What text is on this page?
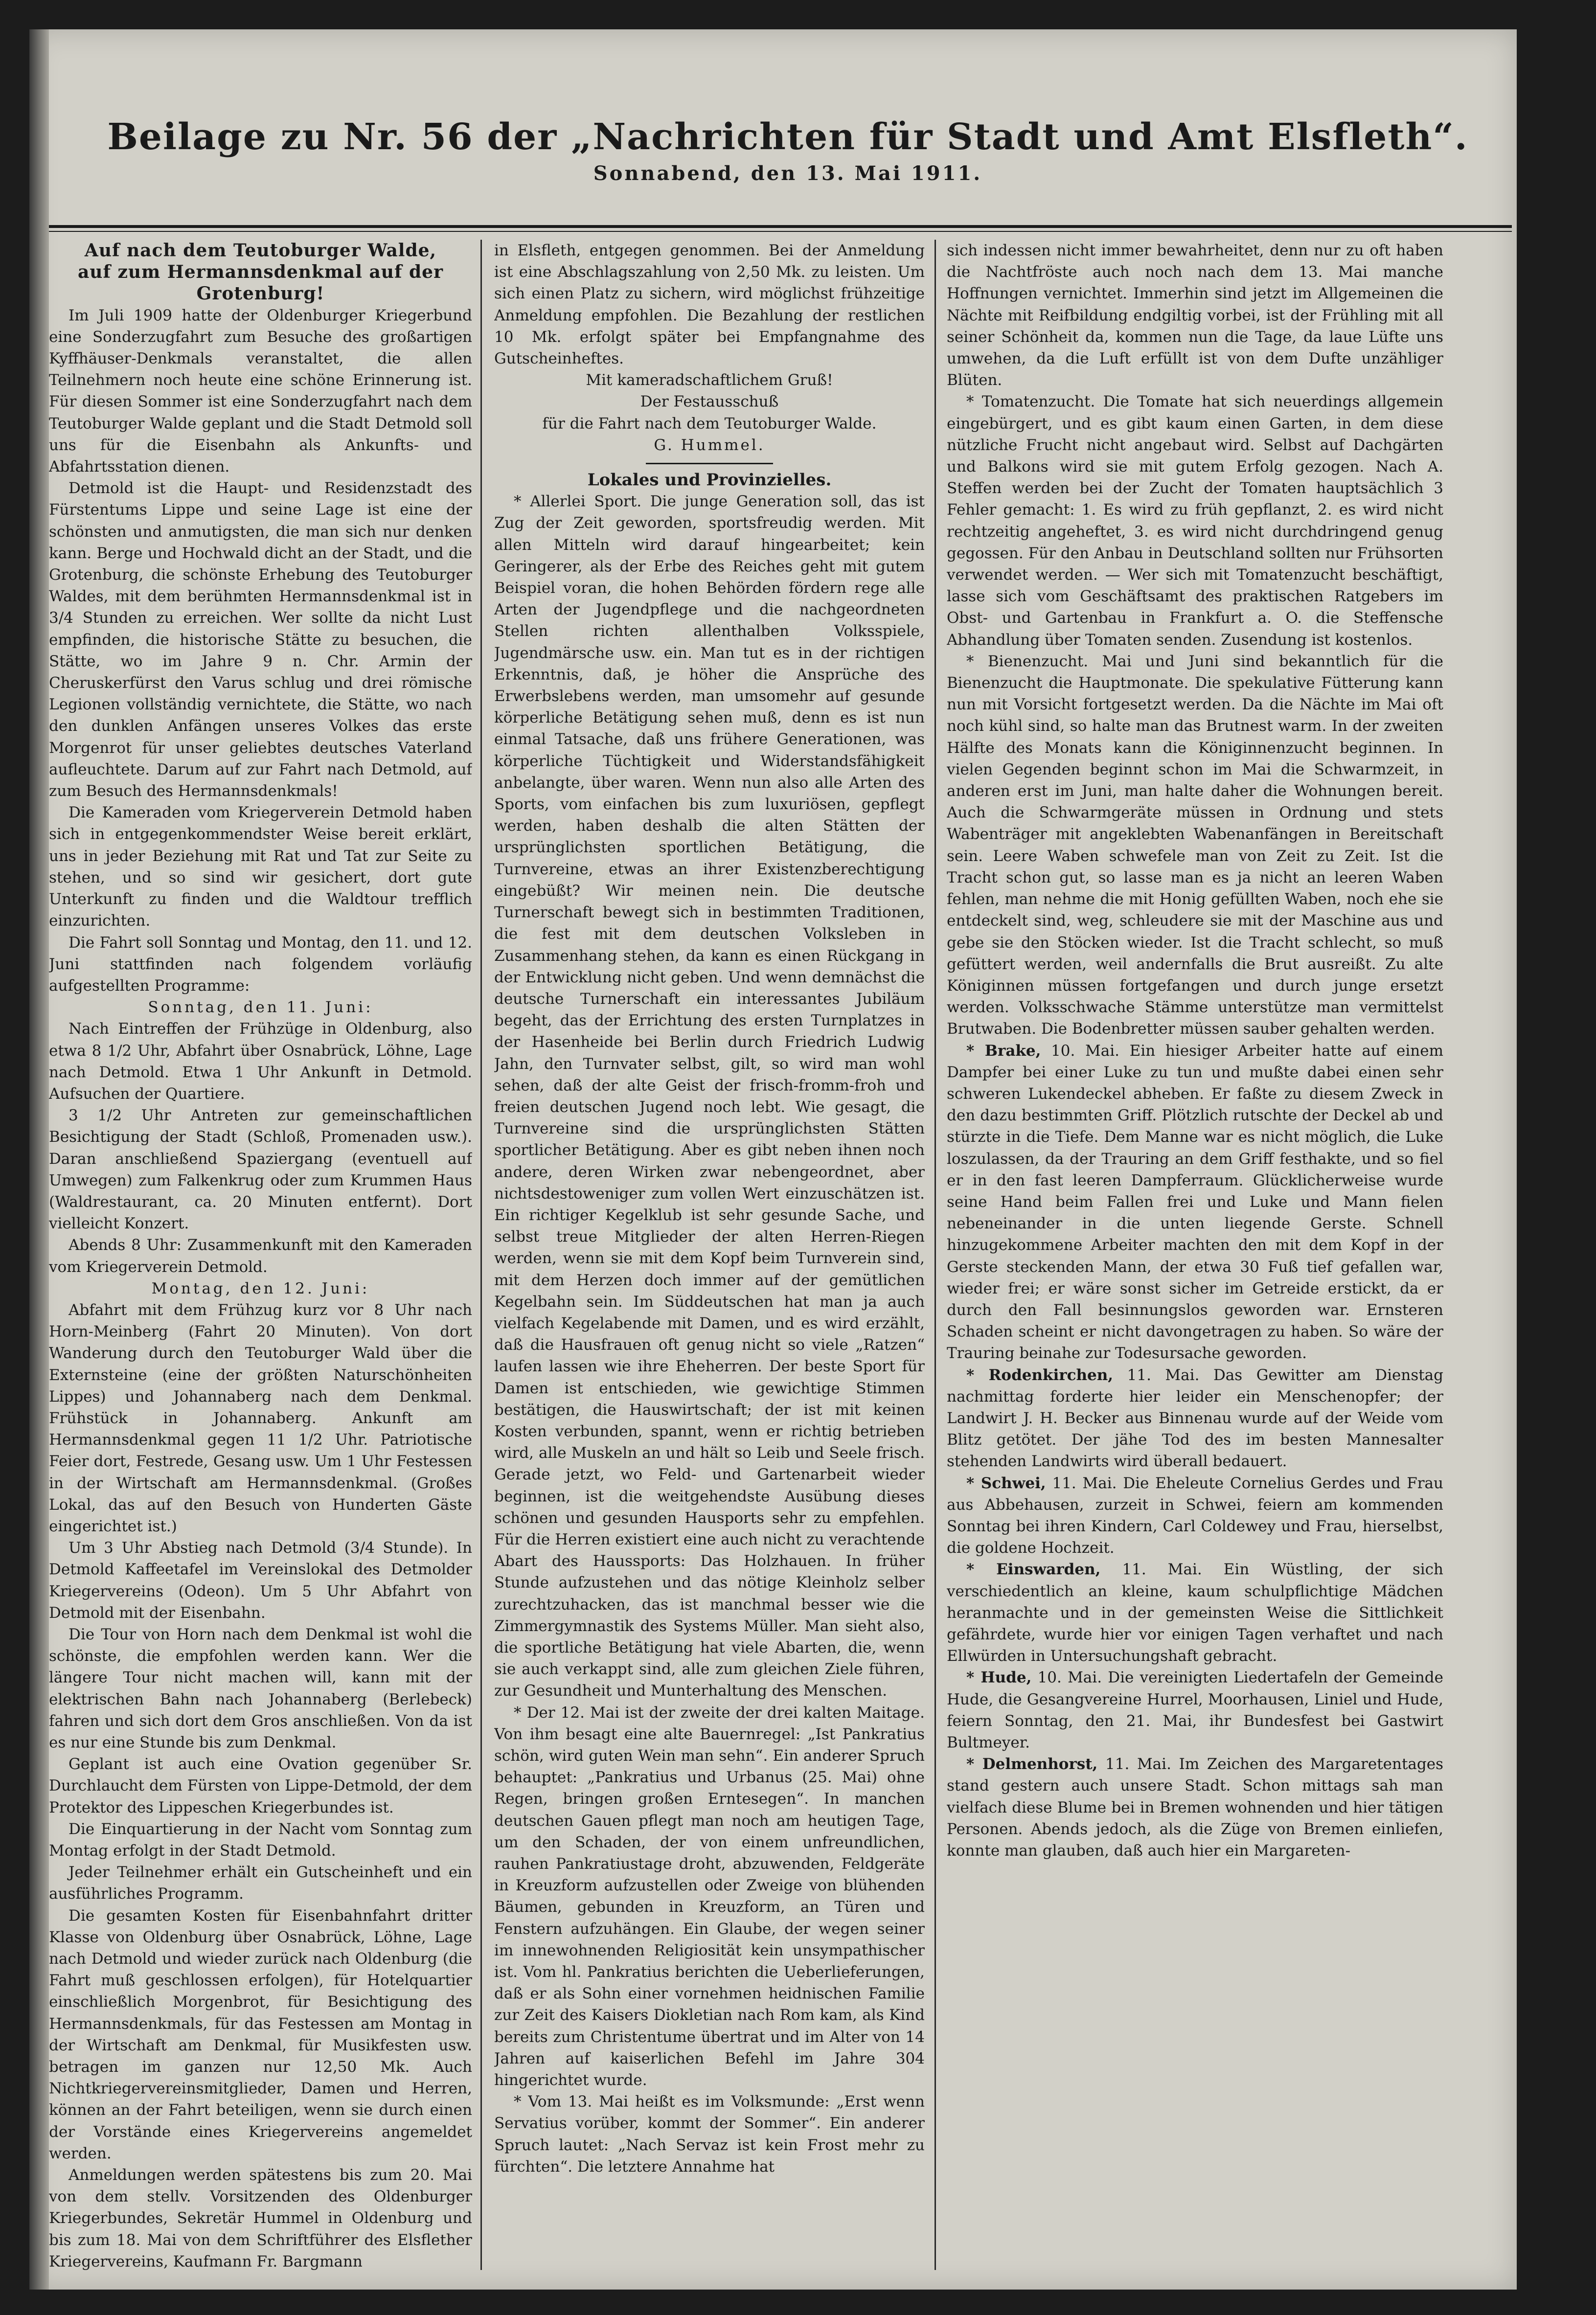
Beilage zu Nr. 56 der „Nachrichten für Stadt und Amt Elsfleth“.
Sonnabend, den 13. Mai 1911.

Auf nach dem Teutoburger Walde,

auf zum Hermannsdenkmal auf der Grotenburg!

Im Juli 1909 hatte der Oldenburger Kriegerbund eine Sonderzugfahrt zum Besuche des großartigen Kyffhäuser-Denkmals veranstaltet, die allen Teilnehmern noch heute eine schöne Erinnerung ist. Für diesen Sommer ist eine Sonderzugfahrt nach dem Teutoburger Walde geplant und die Stadt Detmold soll uns für die Eisenbahn als Ankunfts- und Abfahrtsstation dienen.

Detmold ist die Haupt- und Residenzstadt des Fürstentums Lippe und seine Lage ist eine der schönsten und anmutigsten, die man sich nur denken kann. Berge und Hochwald dicht an der Stadt, und die Grotenburg, die schönste Erhebung des Teutoburger Waldes, mit dem berühmten Hermannsdenkmal ist in 3/4 Stunden zu erreichen. Wer sollte da nicht Lust empfinden, die historische Stätte zu besuchen, die Stätte, wo im Jahre 9 n. Chr. Armin der Cheruskerfürst den Varus schlug und drei römische Legionen vollständig vernichtete, die Stätte, wo nach den dunklen Anfängen unseres Volkes das erste Morgenrot für unser geliebtes deutsches Vaterland aufleuchtete. Darum auf zur Fahrt nach Detmold, auf zum Besuch des Hermannsdenkmals!

Die Kameraden vom Kriegerverein Detmold haben sich in entgegenkommendster Weise bereit erklärt, uns in jeder Beziehung mit Rat und Tat zur Seite zu stehen, und so sind wir gesichert, dort gute Unterkunft zu finden und die Waldtour trefflich einzurichten.

Die Fahrt soll Sonntag und Montag, den 11. und 12. Juni stattfinden nach folgendem vorläufig aufgestellten Programme:

Sonntag, den 11. Juni:

Nach Eintreffen der Frühzüge in Oldenburg, also etwa 8 1/2 Uhr, Abfahrt über Osnabrück, Löhne, Lage nach Detmold. Etwa 1 Uhr Ankunft in Detmold. Aufsuchen der Quartiere.

3 1/2 Uhr Antreten zur gemeinschaftlichen Besichtigung der Stadt (Schloß, Promenaden usw.). Daran anschließend Spaziergang (eventuell auf Umwegen) zum Falkenkrug oder zum Krummen Haus (Waldrestaurant, ca. 20 Minuten entfernt). Dort vielleicht Konzert.

Abends 8 Uhr: Zusammenkunft mit den Kameraden vom Kriegerverein Detmold.

Montag, den 12. Juni:

Abfahrt mit dem Frühzug kurz vor 8 Uhr nach Horn-Meinberg (Fahrt 20 Minuten). Von dort Wanderung durch den Teutoburger Wald über die Externsteine (eine der größten Naturschönheiten Lippes) und Johannaberg nach dem Denkmal. Frühstück in Johannaberg. Ankunft am Hermannsdenkmal gegen 11 1/2 Uhr. Patriotische Feier dort, Festrede, Gesang usw. Um 1 Uhr Festessen in der Wirtschaft am Hermannsdenkmal. (Großes Lokal, das auf den Besuch von Hunderten Gäste eingerichtet ist.)

Um 3 Uhr Abstieg nach Detmold (3/4 Stunde). In Detmold Kaffeetafel im Vereinslokal des Detmolder Kriegervereins (Odeon). Um 5 Uhr Abfahrt von Detmold mit der Eisenbahn.

Die Tour von Horn nach dem Denkmal ist wohl die schönste, die empfohlen werden kann. Wer die längere Tour nicht machen will, kann mit der elektrischen Bahn nach Johannaberg (Berlebeck) fahren und sich dort dem Gros anschließen. Von da ist es nur eine Stunde bis zum Denkmal.

Geplant ist auch eine Ovation gegenüber Sr. Durchlaucht dem Fürsten von Lippe-Detmold, der dem Protektor des Lippeschen Kriegerbundes ist.

Die Einquartierung in der Nacht vom Sonntag zum Montag erfolgt in der Stadt Detmold.

Jeder Teilnehmer erhält ein Gutscheinheft und ein ausführliches Programm.

Die gesamten Kosten für Eisenbahnfahrt dritter Klasse von Oldenburg über Osnabrück, Löhne, Lage nach Detmold und wieder zurück nach Oldenburg (die Fahrt muß geschlossen erfolgen), für Hotelquartier einschließlich Morgenbrot, für Besichtigung des Hermannsdenkmals, für das Festessen am Montag in der Wirtschaft am Denkmal, für Musikfesten usw. betragen im ganzen nur 12,50 Mk. Auch Nichtkriegervereinsmitglieder, Damen und Herren, können an der Fahrt beteiligen, wenn sie durch einen der Vorstände eines Kriegervereins angemeldet werden.

Anmeldungen werden spätestens bis zum 20. Mai von dem stellv. Vorsitzenden des Oldenburger Kriegerbundes, Sekretär Hummel in Oldenburg und bis zum 18. Mai von dem Schriftführer des Elsflether Kriegervereins, Kaufmann Fr. Bargmann

in Elsfleth, entgegen genommen. Bei der Anmeldung ist eine Abschlagszahlung von 2,50 Mk. zu leisten. Um sich einen Platz zu sichern, wird möglichst frühzeitige Anmeldung empfohlen. Die Bezahlung der restlichen 10 Mk. erfolgt später bei Empfangnahme des Gutscheinheftes.

Mit kameradschaftlichem Gruß!

Der Festausschuß

für die Fahrt nach dem Teutoburger Walde.

G. Hummel.

Lokales und Provinzielles.

* Allerlei Sport. Die junge Generation soll, das ist Zug der Zeit geworden, sportsfreudig werden. Mit allen Mitteln wird darauf hingearbeitet; kein Geringerer, als der Erbe des Reiches geht mit gutem Beispiel voran, die hohen Behörden fördern rege alle Arten der Jugendpflege und die nachgeordneten Stellen richten allenthalben Volksspiele, Jugendmärsche usw. ein. Man tut es in der richtigen Erkenntnis, daß, je höher die Ansprüche des Erwerbslebens werden, man umsomehr auf gesunde körperliche Betätigung sehen muß, denn es ist nun einmal Tatsache, daß uns frühere Generationen, was körperliche Tüchtigkeit und Widerstandsfähigkeit anbelangte, über waren. Wenn nun also alle Arten des Sports, vom einfachen bis zum luxuriösen, gepflegt werden, haben deshalb die alten Stätten der ursprünglichsten sportlichen Betätigung, die Turnvereine, etwas an ihrer Existenzberechtigung eingebüßt? Wir meinen nein. Die deutsche Turnerschaft bewegt sich in bestimmten Traditionen, die fest mit dem deutschen Volksleben in Zusammenhang stehen, da kann es einen Rückgang in der Entwicklung nicht geben. Und wenn demnächst die deutsche Turnerschaft ein interessantes Jubiläum begeht, das der Errichtung des ersten Turnplatzes in der Hasenheide bei Berlin durch Friedrich Ludwig Jahn, den Turnvater selbst, gilt, so wird man wohl sehen, daß der alte Geist der frisch-fromm-froh und freien deutschen Jugend noch lebt. Wie gesagt, die Turnvereine sind die ursprünglichsten Stätten sportlicher Betätigung. Aber es gibt neben ihnen noch andere, deren Wirken zwar nebengeordnet, aber nichtsdestoweniger zum vollen Wert einzuschätzen ist. Ein richtiger Kegelklub ist sehr gesunde Sache, und selbst treue Mitglieder der alten Herren-Riegen werden, wenn sie mit dem Kopf beim Turnverein sind, mit dem Herzen doch immer auf der gemütlichen Kegelbahn sein. Im Süddeutschen hat man ja auch vielfach Kegelabende mit Damen, und es wird erzählt, daß die Hausfrauen oft genug nicht so viele „Ratzen“ laufen lassen wie ihre Eheherren. Der beste Sport für Damen ist entschieden, wie gewichtige Stimmen bestätigen, die Hauswirtschaft; der ist mit keinen Kosten verbunden, spannt, wenn er richtig betrieben wird, alle Muskeln an und hält so Leib und Seele frisch. Gerade jetzt, wo Feld- und Gartenarbeit wieder beginnen, ist die weitgehendste Ausübung dieses schönen und gesunden Hausports sehr zu empfehlen. Für die Herren existiert eine auch nicht zu verachtende Abart des Haussports: Das Holzhauen. In früher Stunde aufzustehen und das nötige Kleinholz selber zurechtzuhacken, das ist manchmal besser wie die Zimmergymnastik des Systems Müller. Man sieht also, die sportliche Betätigung hat viele Abarten, die, wenn sie auch verkappt sind, alle zum gleichen Ziele führen, zur Gesundheit und Munterhaltung des Menschen.

* Der 12. Mai ist der zweite der drei kalten Maitage. Von ihm besagt eine alte Bauernregel: „Ist Pankratius schön, wird guten Wein man sehn“. Ein anderer Spruch behauptet: „Pankratius und Urbanus (25. Mai) ohne Regen, bringen großen Erntesegen“. In manchen deutschen Gauen pflegt man noch am heutigen Tage, um den Schaden, der von einem unfreundlichen, rauhen Pankratiustage droht, abzuwenden, Feldgeräte in Kreuzform aufzustellen oder Zweige von blühenden Bäumen, gebunden in Kreuzform, an Türen und Fenstern aufzuhängen. Ein Glaube, der wegen seiner im innewohnenden Religiosität kein unsympathischer ist. Vom hl. Pankratius berichten die Ueberlieferungen, daß er als Sohn einer vornehmen heidnischen Familie zur Zeit des Kaisers Diokletian nach Rom kam, als Kind bereits zum Christentume übertrat und im Alter von 14 Jahren auf kaiserlichen Befehl im Jahre 304 hingerichtet wurde.

* Vom 13. Mai heißt es im Volksmunde: „Erst wenn Servatius vorüber, kommt der Sommer“. Ein anderer Spruch lautet: „Nach Servaz ist kein Frost mehr zu fürchten“. Die letztere Annahme hat

sich indessen nicht immer bewahrheitet, denn nur zu oft haben die Nachtfröste auch noch nach dem 13. Mai manche Hoffnungen vernichtet. Immerhin sind jetzt im Allgemeinen die Nächte mit Reifbildung endgiltig vorbei, ist der Frühling mit all seiner Schönheit da, kommen nun die Tage, da laue Lüfte uns umwehen, da die Luft erfüllt ist von dem Dufte unzähliger Blüten.

* Tomatenzucht. Die Tomate hat sich neuerdings allgemein eingebürgert, und es gibt kaum einen Garten, in dem diese nützliche Frucht nicht angebaut wird. Selbst auf Dachgärten und Balkons wird sie mit gutem Erfolg gezogen. Nach A. Steffen werden bei der Zucht der Tomaten hauptsächlich 3 Fehler gemacht: 1. Es wird zu früh gepflanzt, 2. es wird nicht rechtzeitig angeheftet, 3. es wird nicht durchdringend genug gegossen. Für den Anbau in Deutschland sollten nur Frühsorten verwendet werden. — Wer sich mit Tomatenzucht beschäftigt, lasse sich vom Geschäftsamt des praktischen Ratgebers im Obst- und Gartenbau in Frankfurt a. O. die Steffensche Abhandlung über Tomaten senden. Zusendung ist kostenlos.

* Bienenzucht. Mai und Juni sind bekanntlich für die Bienenzucht die Hauptmonate. Die spekulative Fütterung kann nun mit Vorsicht fortgesetzt werden. Da die Nächte im Mai oft noch kühl sind, so halte man das Brutnest warm. In der zweiten Hälfte des Monats kann die Königinnenzucht beginnen. In vielen Gegenden beginnt schon im Mai die Schwarmzeit, in anderen erst im Juni, man halte daher die Wohnungen bereit. Auch die Schwarmgeräte müssen in Ordnung und stets Wabenträger mit angeklebten Wabenanfängen in Bereitschaft sein. Leere Waben schwefele man von Zeit zu Zeit. Ist die Tracht schon gut, so lasse man es ja nicht an leeren Waben fehlen, man nehme die mit Honig gefüllten Waben, noch ehe sie entdeckelt sind, weg, schleudere sie mit der Maschine aus und gebe sie den Stöcken wieder. Ist die Tracht schlecht, so muß gefüttert werden, weil andernfalls die Brut ausreißt. Zu alte Königinnen müssen fortgefangen und durch junge ersetzt werden. Volksschwache Stämme unterstütze man vermittelst Brutwaben. Die Bodenbretter müssen sauber gehalten werden.

* Brake, 10. Mai. Ein hiesiger Arbeiter hatte auf einem Dampfer bei einer Luke zu tun und mußte dabei einen sehr schweren Lukendeckel abheben. Er faßte zu diesem Zweck in den dazu bestimmten Griff. Plötzlich rutschte der Deckel ab und stürzte in die Tiefe. Dem Manne war es nicht möglich, die Luke loszulassen, da der Trauring an dem Griff festhakte, und so fiel er in den fast leeren Dampferraum. Glücklicherweise wurde seine Hand beim Fallen frei und Luke und Mann fielen nebeneinander in die unten liegende Gerste. Schnell hinzugekommene Arbeiter machten den mit dem Kopf in der Gerste steckenden Mann, der etwa 30 Fuß tief gefallen war, wieder frei; er wäre sonst sicher im Getreide erstickt, da er durch den Fall besinnungslos geworden war. Ernsteren Schaden scheint er nicht davongetragen zu haben. So wäre der Trauring beinahe zur Todesursache geworden.

* Rodenkirchen, 11. Mai. Das Gewitter am Dienstag nachmittag forderte hier leider ein Menschenopfer; der Landwirt J. H. Becker aus Binnenau wurde auf der Weide vom Blitz getötet. Der jähe Tod des im besten Mannesalter stehenden Landwirts wird überall bedauert.

* Schwei, 11. Mai. Die Eheleute Cornelius Gerdes und Frau aus Abbehausen, zurzeit in Schwei, feiern am kommenden Sonntag bei ihren Kindern, Carl Coldewey und Frau, hierselbst, die goldene Hochzeit.

* Einswarden, 11. Mai. Ein Wüstling, der sich verschiedentlich an kleine, kaum schulpflichtige Mädchen heranmachte und in der gemeinsten Weise die Sittlichkeit gefährdete, wurde hier vor einigen Tagen verhaftet und nach Ellwürden in Untersuchungshaft gebracht.

* Hude, 10. Mai. Die vereinigten Liedertafeln der Gemeinde Hude, die Gesangvereine Hurrel, Moorhausen, Liniel und Hude, feiern Sonntag, den 21. Mai, ihr Bundesfest bei Gastwirt Bultmeyer.

* Delmenhorst, 11. Mai. Im Zeichen des Margaretentages stand gestern auch unsere Stadt. Schon mittags sah man vielfach diese Blume bei in Bremen wohnenden und hier tätigen Personen. Abends jedoch, als die Züge von Bremen einliefen, konnte man glauben, daß auch hier ein Margareten-
